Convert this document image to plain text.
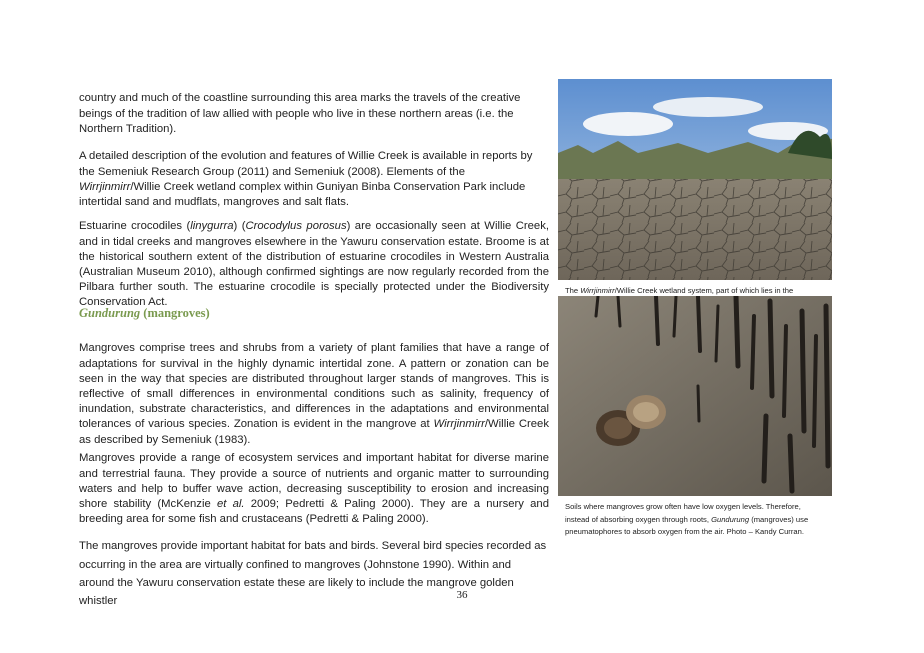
country and much of the coastline surrounding this area marks the travels of the creative beings of the tradition of law allied with people who live in these northern areas (i.e. the Northern Tradition).

A detailed description of the evolution and features of Willie Creek is available in reports by the Semeniuk Research Group (2011) and Semeniuk (2008). Elements of the Wirrjinmirr/Willie Creek wetland complex within Guniyan Binba Conservation Park include intertidal sand and mudflats, mangroves and salt flats.

Estuarine crocodiles (linygurra) (Crocodylus porosus) are occasionally seen at Willie Creek, and in tidal creeks and mangroves elsewhere in the Yawuru conservation estate. Broome is at the historical southern extent of the distribution of estuarine crocodiles in Western Australia (Australian Museum 2010), although confirmed sightings are now regularly recorded from the Pilbara further south. The estuarine crocodile is specially protected under the Biodiversity Conservation Act.

Gundurung (mangroves)

Mangroves comprise trees and shrubs from a variety of plant families that have a range of adaptations for survival in the highly dynamic intertidal zone. A pattern or zonation can be seen in the way that species are distributed throughout larger stands of mangroves. This is reflective of small differences in environmental conditions such as salinity, frequency of inundation, substrate characteristics, and differences in the adaptations and environmental tolerances of various species. Zonation is evident in the mangrove at Wirrjinmirr/Willie Creek as described by Semeniuk (1983).

Mangroves provide a range of ecosystem services and important habitat for diverse marine and terrestrial fauna. They provide a source of nutrients and organic matter to surrounding waters and help to buffer wave action, decreasing susceptibility to erosion and increasing shore stability (McKenzie et al. 2009; Pedretti & Paling 2000). They are a nursery and breeding area for some fish and crustaceans (Pedretti & Paling 2000).

The mangroves provide important habitat for bats and birds. Several bird species recorded as occurring in the area are virtually confined to mangroves (Johnstone 1990). Within and around the Yawuru conservation estate these are likely to include the mangrove golden whistler

The Wirrjinmirr/Willie Creek wetland system, part of which lies in the
Soils where mangroves grow often have low oxygen levels. Therefore, instead of absorbing oxygen through roots, Gundurung (mangroves) use pneumatophores to absorb oxygen from the air. Photo – Kandy Curran.
36
